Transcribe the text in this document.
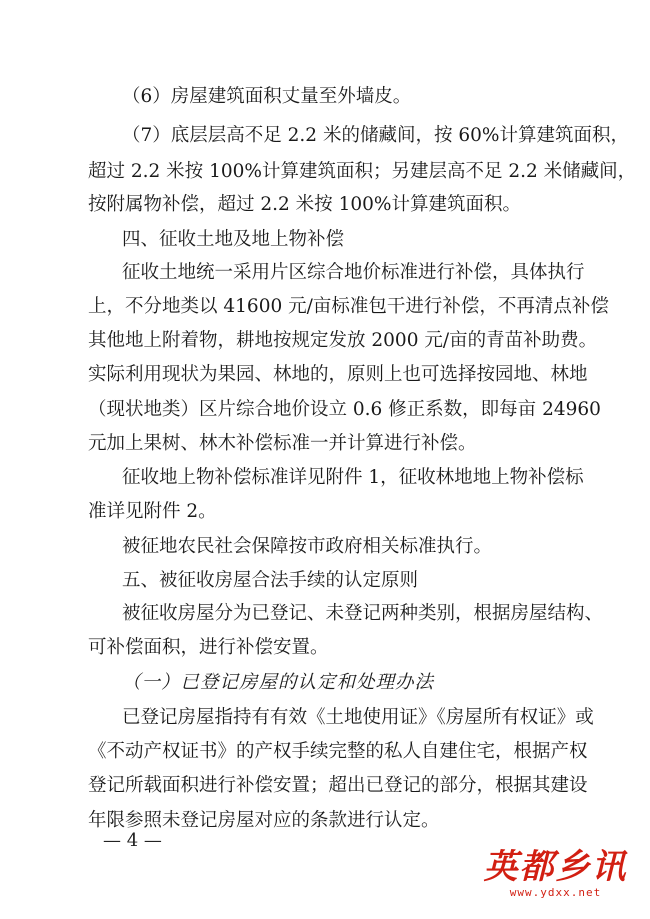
（6）房屋建筑面积丈量至外墙皮。
（7）底层层高不足 2.2 米的储藏间，按 60%计算建筑面积，
超过 2.2 米按 100%计算建筑面积；另建层高不足 2.2 米储藏间，
按附属物补偿，超过 2.2 米按 100%计算建筑面积。
四、征收土地及地上物补偿
征收土地统一采用片区综合地价标准进行补偿，具体执行
上，不分地类以 41600 元/亩标准包干进行补偿，不再清点补偿
其他地上附着物，耕地按规定发放 2000 元/亩的青苗补助费。
实际利用现状为果园、林地的，原则上也可选择按园地、林地
（现状地类）区片综合地价设立 0.6 修正系数，即每亩 24960
元加上果树、林木补偿标准一并计算进行补偿。
征收地上物补偿标准详见附件 1，征收林地地上物补偿标
准详见附件 2。
被征地农民社会保障按市政府相关标准执行。
五、被征收房屋合法手续的认定原则
被征收房屋分为已登记、未登记两种类别，根据房屋结构、
可补偿面积，进行补偿安置。
（一）已登记房屋的认定和处理办法
已登记房屋指持有有效《土地使用证》《房屋所有权证》或
《不动产权证书》的产权手续完整的私人自建住宅，根据产权
登记所载面积进行补偿安置；超出已登记的部分，根据其建设
年限参照未登记房屋对应的条款进行认定。
— 4 —
英都乡讯
www.ydxx.net
